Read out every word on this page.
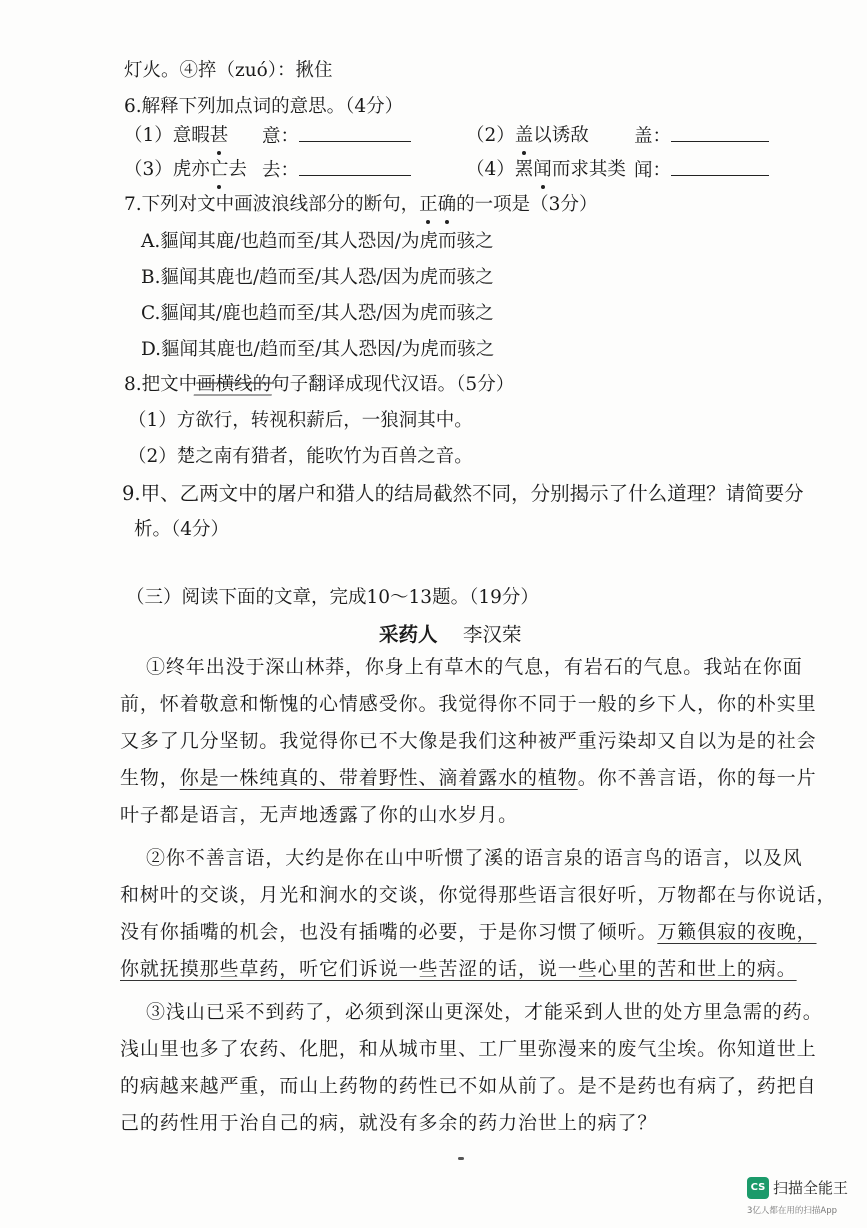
灯火。④捽（zuó）：揪住
6.解释下列加点词的意思。（4分）
（1）意暇甚 意：	（2）盖
以诱敌 盖：
（3）虎亦亡
去 去：	（4）罴闻
而求其类 闻：
7.下列对文中画波浪线部分的断句，正确
的一项是（3分）
A.貙闻其鹿/也趋而至/其人恐因/为虎而骇之
B.貙闻其鹿也/趋而至/其人恐/因为虎而骇之
C.貙闻其/鹿也趋而至/其人恐/因为虎而骇之
D.貙闻其鹿也/趋而至/其人恐因/为虎而骇之
8.把文中画横线的
句子翻译成现代汉语。（5分）
（1）方欲行，转视积薪后，一狼洞其中。
（2）楚之南有猎者，能吹竹为百兽之音。
9.甲、乙两文中的屠户和猎人的结局截然不同，分别揭示了什么道理？请简要分
析。（4分）
（三）阅读下面的文章，完成10～13题。（19分）
采药人 李汉荣
①终年出没于深山林莽，你身上有草木的气息，有岩石的气息。我站在你面
前，怀着敬意和惭愧的心情感受你。我觉得你不同于一般的乡下人，你的朴实里
又多了几分坚韧。我觉得你已不大像是我们这种被严重污染却又自以为是的社会
生物，你是一株纯真的、带着野性、滴着露水的植物。你不善言语，你的每一片
叶子都是语言，无声地透露了你的山水岁月。
②你不善言语，大约是你在山中听惯了溪的语言泉的语言鸟的语言，以及风
和树叶的交谈，月光和涧水的交谈，你觉得那些语言很好听，万物都在与你说话，
没有你插嘴的机会，也没有插嘴的必要，于是你习惯了倾听。万籁俱寂的夜晚，
你就抚摸那些草药，听它们诉说一些苦涩的话，说一些心里的苦和世上的病。
③浅山已采不到药了，必须到深山更深处，才能采到人世的处方里急需的药。
浅山里也多了农药、化肥，和从城市里、工厂里弥漫来的废气尘埃。你知道世上
的病越来越严重，而山上药物的药性已不如从前了。是不是药也有病了，药把自
己的药性用于治自己的病，就没有多余的药力治世上的病了？
CS 扫描全能王
3亿人都在用的扫描App
